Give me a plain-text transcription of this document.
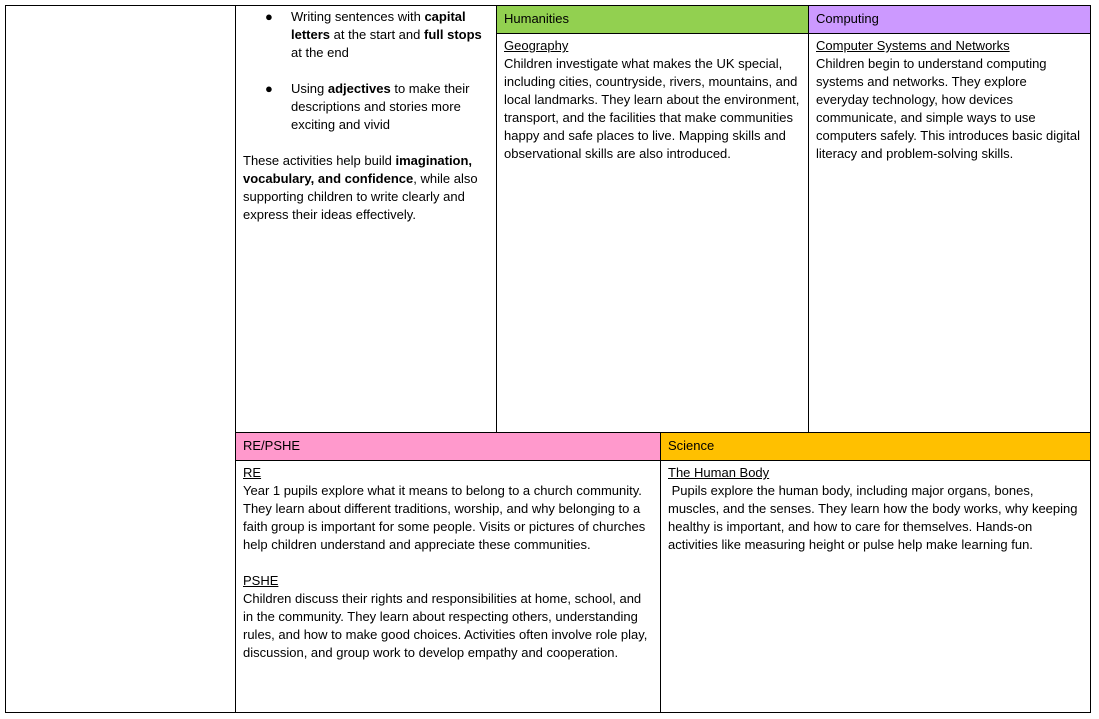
Humanities	Computing
RE/PSHE	Science
● Writing sentences with capital letters at the start and full stops at the end
● Using adjectives to make their descriptions and stories more exciting and vivid

These activities help build imagination, vocabulary, and confidence, while also supporting children to write clearly and express their ideas effectively.

Geography

Children investigate what makes the UK special, including cities, countryside, rivers, mountains, and local landmarks. They learn about the environment, transport, and the facilities that make communities happy and safe places to live. Mapping skills and observational skills are also introduced.

Computer Systems and Networks

Children begin to understand computing systems and networks. They explore everyday technology, how devices communicate, and simple ways to use computers safely. This introduces basic digital literacy and problem-solving skills.

RE

Year 1 pupils explore what it means to belong to a church community. They learn about different traditions, worship, and why belonging to a faith group is important for some people. Visits or pictures of churches help children understand and appreciate these communities.

PSHE

Children discuss their rights and responsibilities at home, school, and in the community. They learn about respecting others, understanding rules, and how to make good choices. Activities often involve role play, discussion, and group work to develop empathy and cooperation.

The Human Body

Pupils explore the human body, including major organs, bones, muscles, and the senses. They learn how the body works, why keeping healthy is important, and how to care for themselves. Hands-on activities like measuring height or pulse help make learning fun.
